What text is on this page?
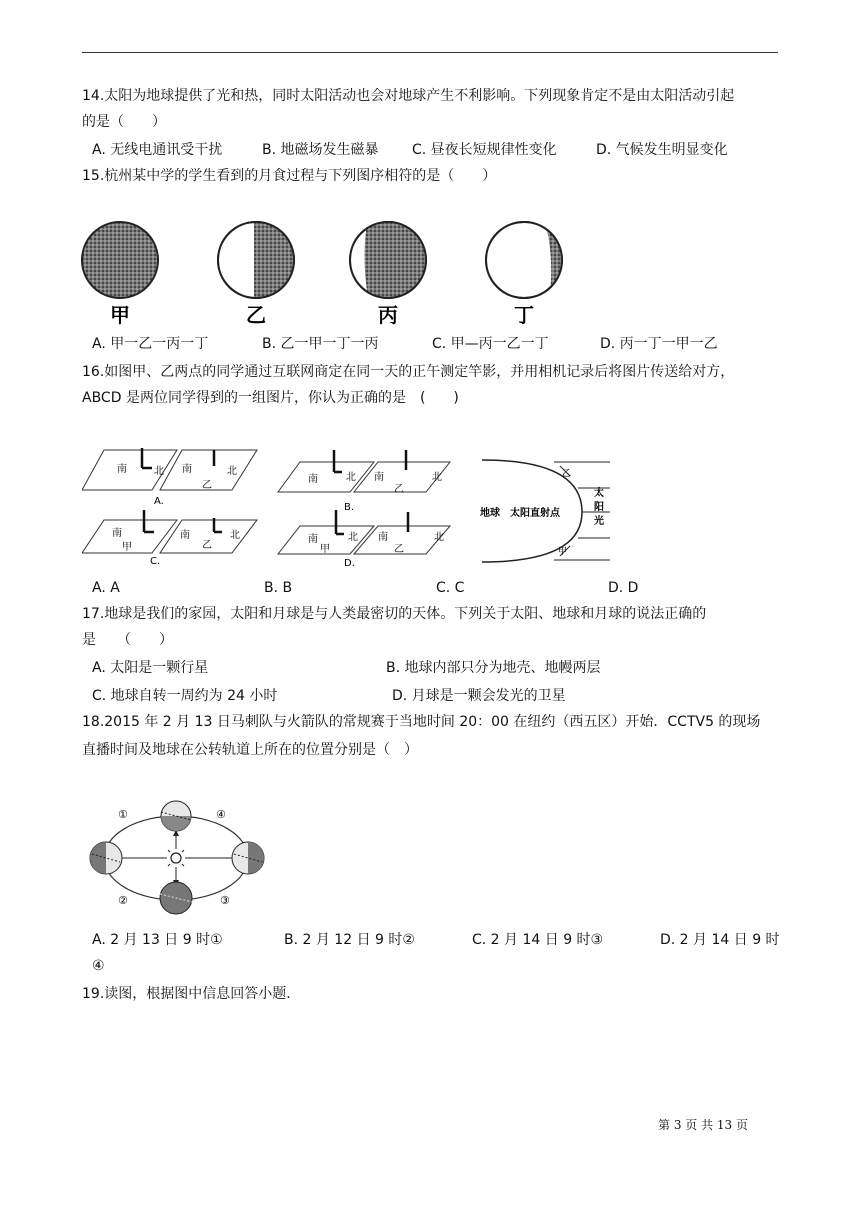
14.太阳为地球提供了光和热，同时太阳活动也会对地球产生不利影响。下列现象肯定不是由太阳活动引起
的是（　　）
A. 无线电通讯受干扰	B. 地磁场发生磁暴 C. 昼夜长短规律性变化	D. 气候发生明显变化
15.杭州某中学的学生看到的月食过程与下列图序相符的是（　　）
甲	乙	丙	丁
A. 甲一乙一丙一丁	B. 乙一甲一丁一丙	C. 甲—丙一乙一丁	D. 丙一丁一甲一乙
16.如图甲、乙两点的同学通过互联网商定在同一天的正午测定竿影，并用相机记录后将图片传送给对方，
ABCD 是两位同学得到的一组图片，你认为正确的是　(　　)
南	北 南	北
乙
A.
南
甲
南
乙
北
C.
南	北 南
乙
北
B.
南
甲
北 南
乙
北
D.
乙
甲
地球 太阳直射点
太
阳
光
A. A	B. B	C. C	D. D
17.地球是我们的家园，太阳和月球是与人类最密切的天体。下列关于太阳、地球和月球的说法正确的
是　　（　　）
A. 太阳是一颗行星	B. 地球内部只分为地壳、地幔两层
C. 地球自转一周约为 24 小时	D. 月球是一颗会发光的卫星
18.2015 年 2 月 13 日马刺队与火箭队的常规赛于当地时间 20：00 在纽约（西五区）开始．CCTV5 的现场
直播时间及地球在公转轨道上所在的位置分别是（　）
①
②	③
④
A. 2 月 13 日 9 时①	B. 2 月 12 日 9 时②	C. 2 月 14 日 9 时③	D. 2 月 14 日 9 时
④
19.读图，根据图中信息回答小题．
第 3 页 共 13 页
